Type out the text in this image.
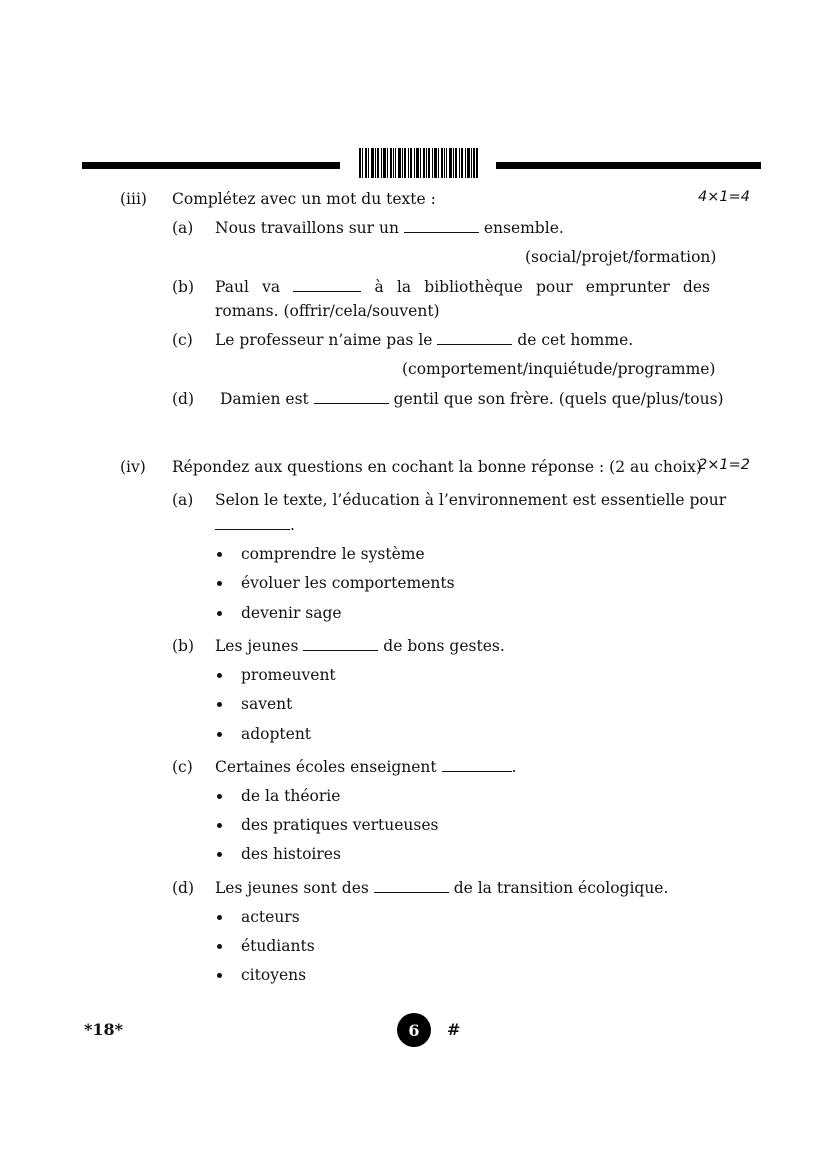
(iii) Complétez avec un mot du texte :	4×1=4
(a) Nous travaillons sur un	ensemble.
(social/projet/formation)
(b) Paul va	à la bibliothèque pour emprunter des romans. (offrir/cela/souvent)
(c) Le professeur n’aime pas le	de cet homme.
(comportement/inquiétude/programme)
(d) Damien est	gentil que son frère. (quels que/plus/tous)
(iv) Répondez aux questions en cochant la bonne réponse : (2 au choix)
2×1=2
(a) Selon le texte, l’éducation à l’environnement est essentielle pour
.
comprendre le système
évoluer les comportements
devenir sage
(b) Les jeunes	de bons gestes.
promeuvent
savent
adoptent
(c) Certaines écoles enseignent	.
de la théorie
des pratiques vertueuses
des histoires
(d) Les jeunes sont des	de la transition écologique.
acteurs
étudiants
citoyens
*18*	6	#
